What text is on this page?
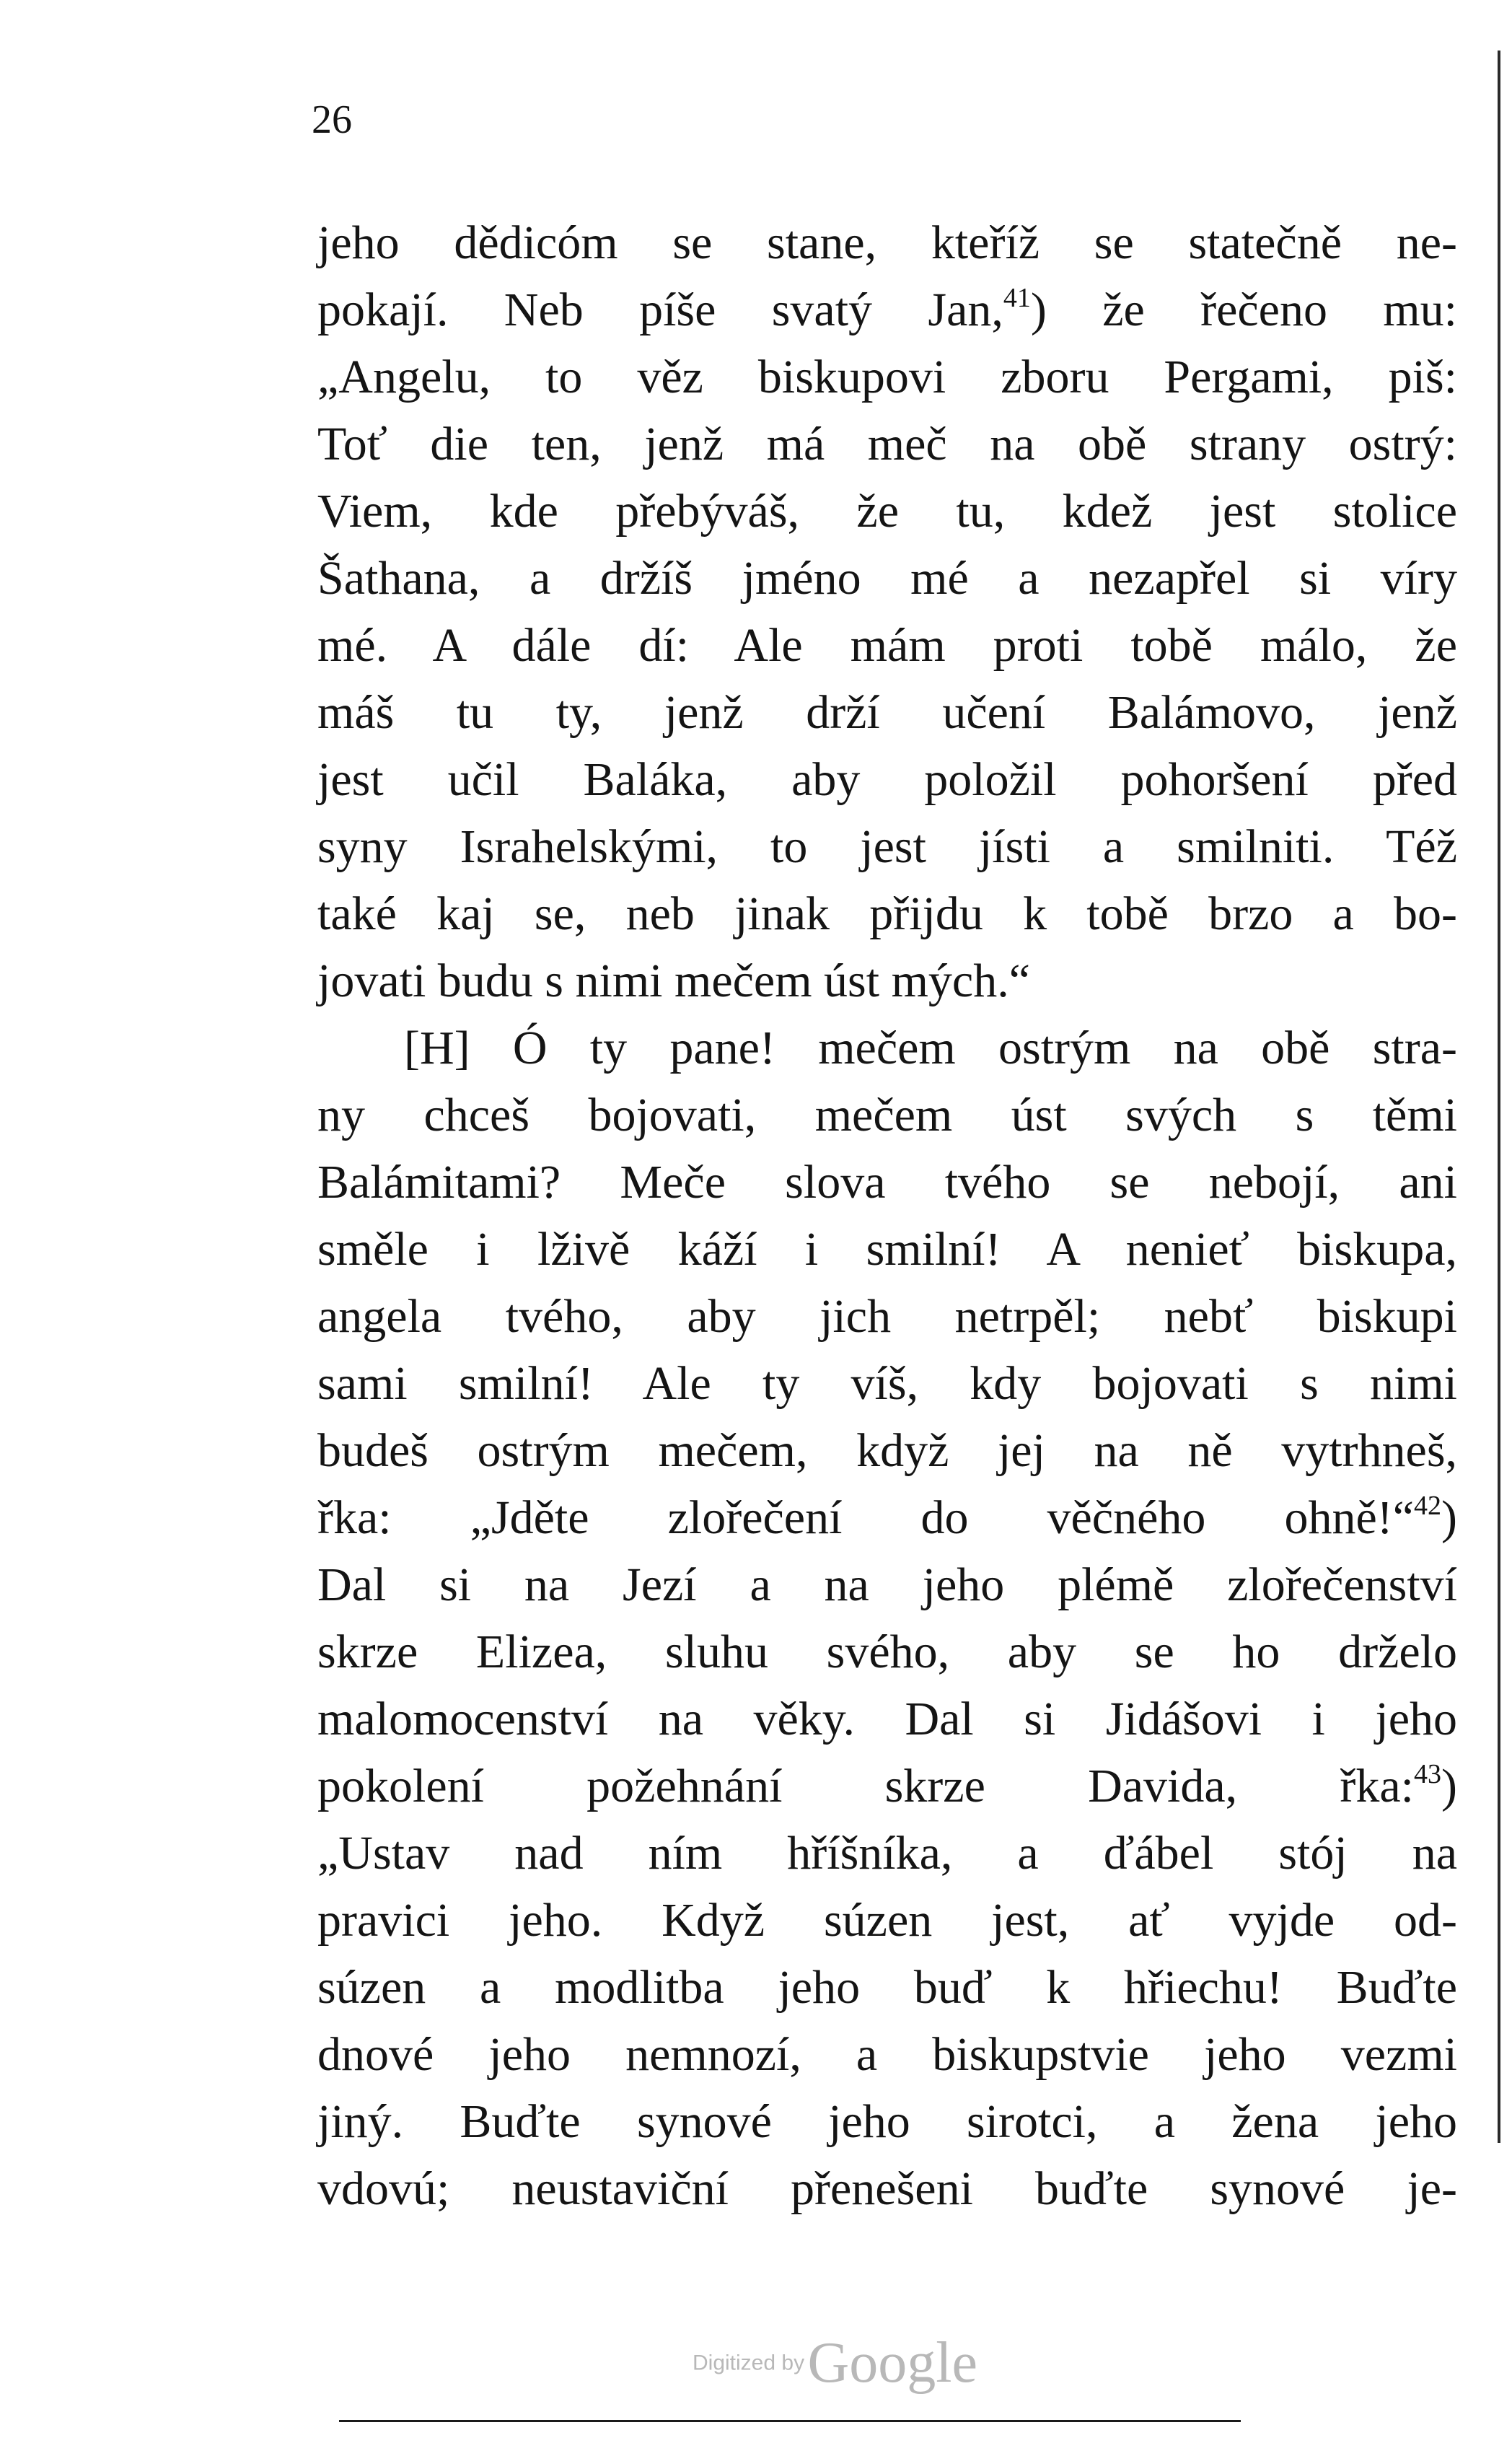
26
jeho dědicóm se stane, kteříž se statečně ne-
pokají. Neb píše svatý Jan,$^{41}$) že řečeno mu:
„Angelu, to věz biskupovi zboru Pergami, piš:
Toť die ten, jenž má meč na obě strany ostrý:
Viem, kde přebýváš, že tu, kdež jest stolice
Šathana, a držíš jméno mé a nezapřel si víry
mé. A dále dí: Ale mám proti tobě málo, že
máš tu ty, jenž drží učení Balámovo, jenž
jest učil Baláka, aby položil pohoršení před
syny Israhelskými, to jest jísti a smilniti. Též
také kaj se, neb jinak přijdu k tobě brzo a bo-
jovati budu s nimi mečem úst mých.“
[H] Ó ty pane! mečem ostrým na obě stra-
ny chceš bojovati, mečem úst svých s těmi
Balámitami? Meče slova tvého se nebojí, ani
směle i lživě káží i smilní! A nenieť biskupa,
angela tvého, aby jich netrpěl; nebť biskupi
sami smilní! Ale ty víš, kdy bojovati s nimi
budeš ostrým mečem, když jej na ně vytrhneš,
řka: „Jděte zlořečení do věčného ohně!“$^{42}$)
Dal si na Jezí a na jeho plémě zlořečenství
skrze Elizea, sluhu svého, aby se ho drželo
malomocenství na věky. Dal si Jidášovi i jeho
pokolení požehnání skrze Davida, řka:$^{43}$)
„Ustav nad ním hříšníka, a ďábel stój na
pravici jeho. Když súzen jest, ať vyjde od-
súzen a modlitba jeho buď k hřiechu! Buďte
dnové jeho nemnozí, a biskupstvie jeho vezmi
jiný. Buďte synové jeho sirotci, a žena jeho
vdovú; neustaviční přenešeni buďte synové je-
Digitized by Google
